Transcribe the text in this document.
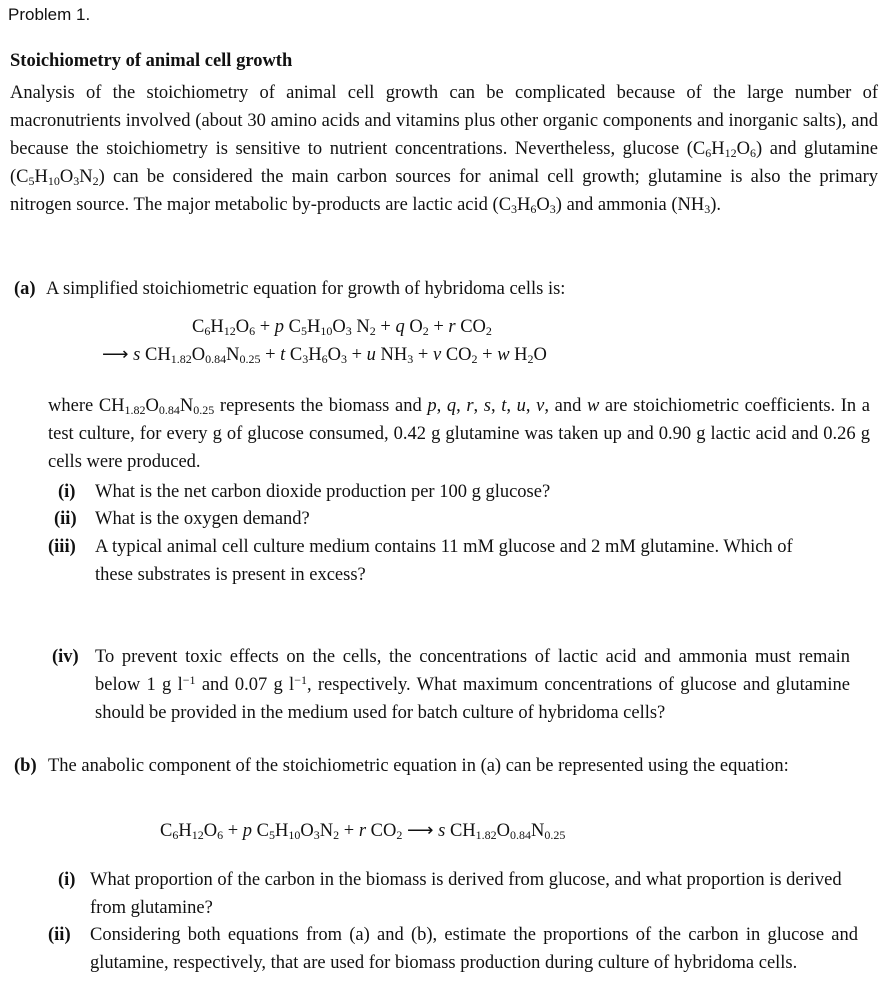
Problem 1.
Stoichiometry of animal cell growth
Analysis of the stoichiometry of animal cell growth can be complicated because of the large number of macronutrients involved (about 30 amino acids and vitamins plus other organic components and inorganic salts), and because the stoichiometry is sensitive to nutrient concentrations. Nevertheless, glucose $(C_6H_{12}O_6)$ and glutamine $(C_5H_{10}O_3N_2)$ can be considered the main carbon sources for animal cell growth; glutamine is also the primary nitrogen source. The major metabolic by-products are lactic acid $(C_3H_6O_3)$ and ammonia $(NH_3)$.
(a) A simplified stoichiometric equation for growth of hybridoma cells is:
$C_6H_{12}O_6 + p$ $C_5H_{10}O_3$ $N_2 + q$ $O_2 + r$ $CO_2$
⟶ s $CH_{1.82}O_{0.84}N_{0.25} + t$ $C_3H_6O_3 + u$ $NH_3 + v$ $CO_2 + w$ $H_2O$
where $CH_{1.82}O_{0.84}N_{0.25}$ represents the biomass and p, q, r, s, t, u, v, and w are stoichiometric coefficients. In a test culture, for every g of glucose consumed, 0.42 g glutamine was taken up and 0.90 g lactic acid and 0.26 g cells were produced.
(i) What is the net carbon dioxide production per 100 g glucose?
(ii) What is the oxygen demand?
(iii) A typical animal cell culture medium contains 11 mM glucose and 2 mM glutamine. Which of these substrates is present in excess?
(iv) To prevent toxic effects on the cells, the concentrations of lactic acid and ammonia must remain below 1 g $l^{-1}$ and 0.07 g $l^{-1}$, respectively. What maximum concentrations of glucose and glutamine should be provided in the medium used for batch culture of hybridoma cells?
(b) The anabolic component of the stoichiometric equation in (a) can be represented using the equation:
$C_6H_{12}O_6 + p$ $C_5H_{10}O_3N_2 + r$ $CO_2$ ⟶ s $CH_{1.82}O_{0.84}N_{0.25}$
(i) What proportion of the carbon in the biomass is derived from glucose, and what proportion is derived from glutamine?
(ii) Considering both equations from (a) and (b), estimate the proportions of the carbon in glucose and glutamine, respectively, that are used for biomass production during culture of hybridoma cells.
